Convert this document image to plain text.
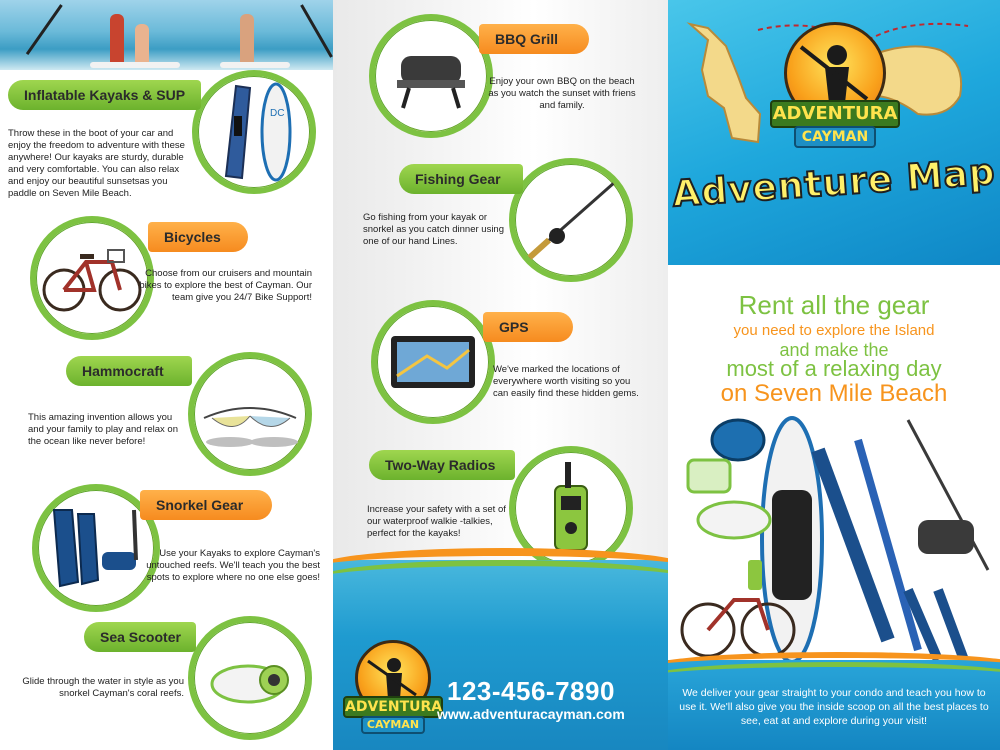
DC
Inflatable Kayaks & SUP
Throw these in the boot of your car and enjoy the freedom to adventure with these anywhere! Our kayaks are sturdy, durable and very comfortable. You can also relax and enjoy our beautiful sunsetsas you paddle on Seven Mile Beach.
Bicycles
Choose from our cruisers and mountain bikes to explore the best of Cayman. Our team give you 24/7 Bike Support!
Hammocraft
This amazing invention allows you and your family to play and relax on the ocean like never before!
Snorkel Gear
Use your Kayaks to explore Cayman's untouched reefs. We'll teach you the best spots to explore where no one else goes!
Sea Scooter
Glide through the water in style as you snorkel Cayman's coral reefs.
BBQ Grill
Enjoy your own BBQ on the beach as you watch the sunset with friens and family.
Fishing Gear
Go fishing from your kayak or snorkel as you catch dinner using one of our hand Lines.
GPS
We've marked the locations of everywhere worth visiting so you can easily find these hidden gems.
Two-Way Radios
Increase your safety with a set of our waterproof walkie -talkies, perfect for the kayaks!
ADVENTURA
CAYMAN
123-456-7890
www.adventuracayman.com
ADVENTURA
CAYMAN
Adventure Map
Rent all the gear
you need to explore the Island
and make the
most of a relaxing day
on Seven Mile Beach
We deliver your gear straight to your condo and teach you how to use it. We'll also give you the inside scoop on all the best places to see, eat at and explore during your visit!
